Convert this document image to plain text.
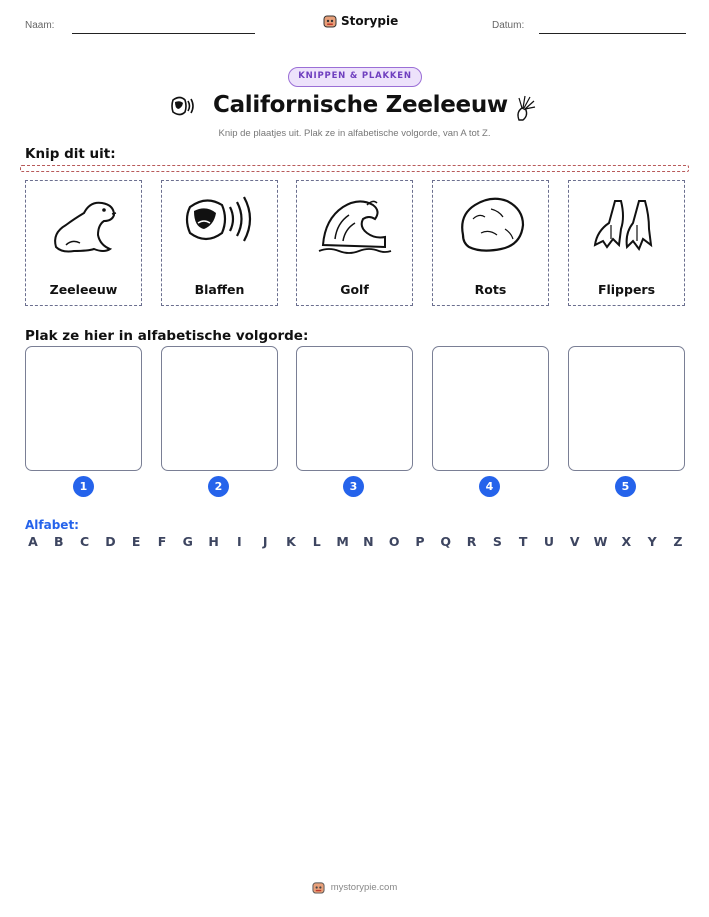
Naam:	Storypie	Datum:
KNIPPEN & PLAKKEN
Californische Zeeleeuw
Knip de plaatjes uit. Plak ze in alfabetische volgorde, van A tot Z.
Knip dit uit:
Zeeleeuw	Blaffen	Golf	Rots	Flippers
Plak ze hier in alfabetische volgorde:
1	2	3	4	5
Alfabet:
A B C D E F G H	I	J	K	L	M N O P Q R S T U V W X Y Z
mystorypie.com
